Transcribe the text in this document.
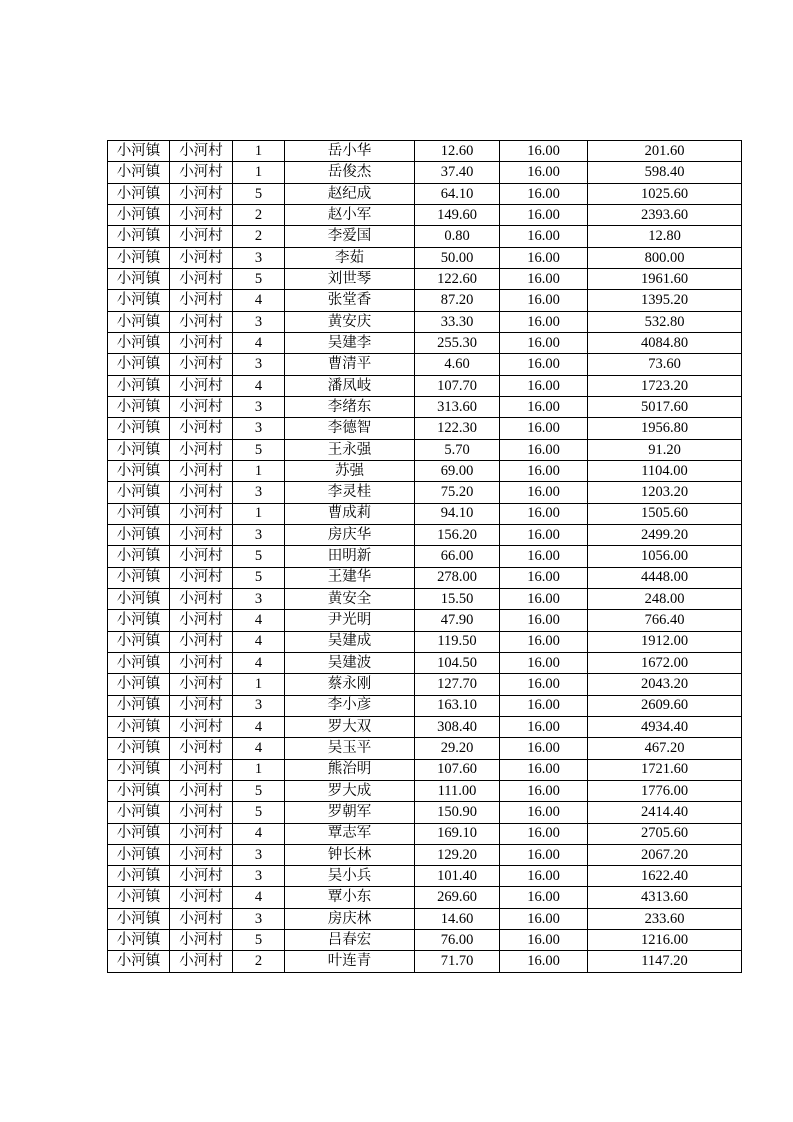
小河镇	小河村	1	岳小华	12.60	16.00	201.60
小河镇	小河村	1	岳俊杰	37.40	16.00	598.40
小河镇	小河村	5	赵纪成	64.10	16.00	1025.60
小河镇	小河村	2	赵小军	149.60	16.00	2393.60
小河镇	小河村	2	李爱国	0.80	16.00	12.80
小河镇	小河村	3	李茹	50.00	16.00	800.00
小河镇	小河村	5	刘世琴	122.60	16.00	1961.60
小河镇	小河村	4	张堂香	87.20	16.00	1395.20
小河镇	小河村	3	黄安庆	33.30	16.00	532.80
小河镇	小河村	4	吴建李	255.30	16.00	4084.80
小河镇	小河村	3	曹清平	4.60	16.00	73.60
小河镇	小河村	4	潘凤岐	107.70	16.00	1723.20
小河镇	小河村	3	李绪东	313.60	16.00	5017.60
小河镇	小河村	3	李德智	122.30	16.00	1956.80
小河镇	小河村	5	王永强	5.70	16.00	91.20
小河镇	小河村	1	苏强	69.00	16.00	1104.00
小河镇	小河村	3	李灵桂	75.20	16.00	1203.20
小河镇	小河村	1	曹成莉	94.10	16.00	1505.60
小河镇	小河村	3	房庆华	156.20	16.00	2499.20
小河镇	小河村	5	田明新	66.00	16.00	1056.00
小河镇	小河村	5	王建华	278.00	16.00	4448.00
小河镇	小河村	3	黄安全	15.50	16.00	248.00
小河镇	小河村	4	尹光明	47.90	16.00	766.40
小河镇	小河村	4	吴建成	119.50	16.00	1912.00
小河镇	小河村	4	吴建波	104.50	16.00	1672.00
小河镇	小河村	1	蔡永刚	127.70	16.00	2043.20
小河镇	小河村	3	李小彦	163.10	16.00	2609.60
小河镇	小河村	4	罗大双	308.40	16.00	4934.40
小河镇	小河村	4	吴玉平	29.20	16.00	467.20
小河镇	小河村	1	熊治明	107.60	16.00	1721.60
小河镇	小河村	5	罗大成	111.00	16.00	1776.00
小河镇	小河村	5	罗朝军	150.90	16.00	2414.40
小河镇	小河村	4	覃志军	169.10	16.00	2705.60
小河镇	小河村	3	钟长林	129.20	16.00	2067.20
小河镇	小河村	3	吴小兵	101.40	16.00	1622.40
小河镇	小河村	4	覃小东	269.60	16.00	4313.60
小河镇	小河村	3	房庆林	14.60	16.00	233.60
小河镇	小河村	5	吕春宏	76.00	16.00	1216.00
小河镇	小河村	2	叶连青	71.70	16.00	1147.20
